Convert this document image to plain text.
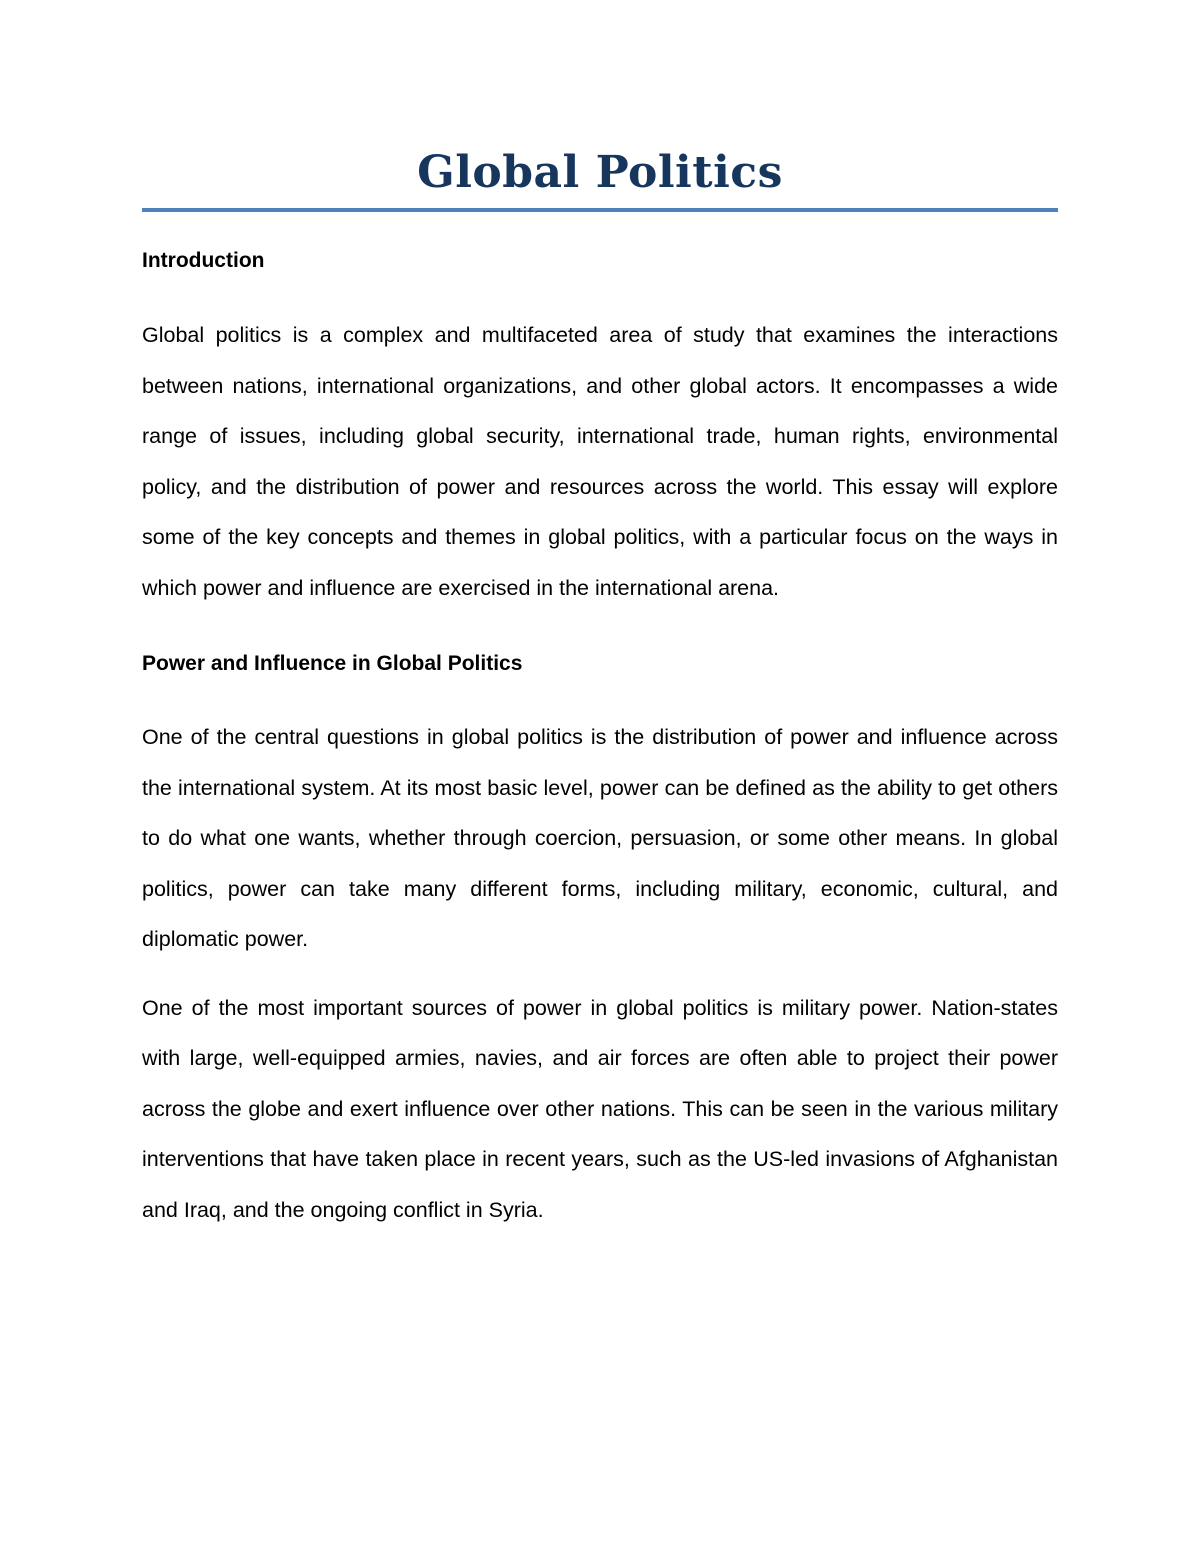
Global Politics
Introduction

Global politics is a complex and multifaceted area of study that examines the interactions between nations, international organizations, and other global actors. It encompasses a wide range of issues, including global security, international trade, human rights, environmental policy, and the distribution of power and resources across the world. This essay will explore some of the key concepts and themes in global politics, with a particular focus on the ways in which power and influence are exercised in the international arena.

Power and Influence in Global Politics

One of the central questions in global politics is the distribution of power and influence across the international system. At its most basic level, power can be defined as the ability to get others to do what one wants, whether through coercion, persuasion, or some other means. In global politics, power can take many different forms, including military, economic, cultural, and diplomatic power.

One of the most important sources of power in global politics is military power. Nation-states with large, well-equipped armies, navies, and air forces are often able to project their power across the globe and exert influence over other nations. This can be seen in the various military interventions that have taken place in recent years, such as the US-led invasions of Afghanistan and Iraq, and the ongoing conflict in Syria.
